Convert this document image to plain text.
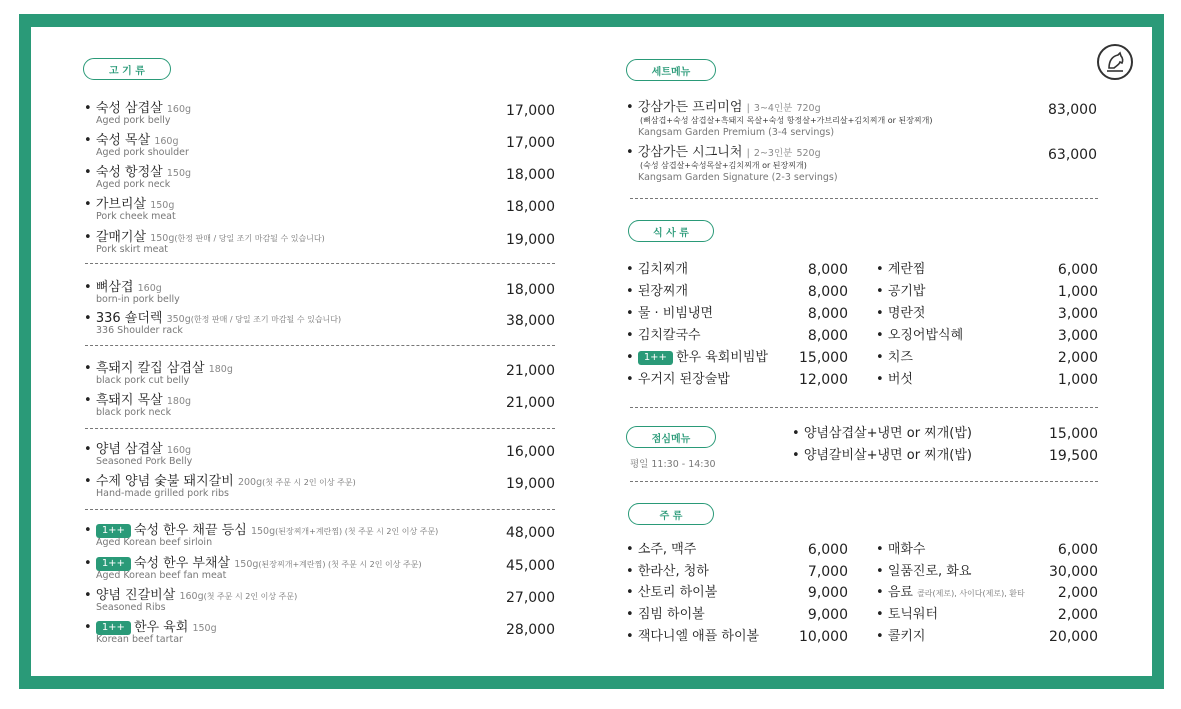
고 기 류
• 숙성 삼겹살 160g
Aged pork belly
17,000
• 숙성 목살 160g
Aged pork shoulder
17,000
• 숙성 항정살 150g
Aged pork neck
18,000
• 가브리살 150g
Pork cheek meat
18,000
• 갈매기살 150g(한정 판매 / 당일 조기 마감될 수 있습니다)
Pork skirt meat
19,000
• 뼈삼겹 160g
born-in pork belly
18,000
• 336 숄더렉 350g(한정 판매 / 당일 조기 마감될 수 있습니다)
336 Shoulder rack
38,000
• 흑돼지 칼집 삼겹살 180g
black pork cut belly
21,000
• 흑돼지 목살 180g
black pork neck
21,000
• 양념 삼겹살 160g
Seasoned Pork Belly
16,000
• 수제 양념 숯불 돼지갈비 200g(첫 주문 시 2인 이상 주문)
Hand-made grilled pork ribs
19,000
• 1++ 숙성 한우 채끝 등심 150g(된장찌개+계란찜) (첫 주문 시 2인 이상 주문)
Aged Korean beef sirloin
48,000
• 1++ 숙성 한우 부채살 150g(된장찌개+계란찜) (첫 주문 시 2인 이상 주문)
Aged Korean beef fan meat
45,000
• 양념 진갈비살 160g(첫 주문 시 2인 이상 주문)
Seasoned Ribs
27,000
• 1++ 한우 육회 150g
Korean beef tartar
28,000
세트메뉴
• 강삼가든 프리미엄 | 3~4인분 720g
(뼈삼겹+숙성 삼겹살+흑돼지 목살+숙성 항정살+가브리살+김치찌개 or 된장찌개)
Kangsam Garden Premium (3-4 servings)
83,000
• 강삼가든 시그니처 | 2~3인분 520g
(숙성 삼겹살+숙성목살+김치찌개 or 된장찌개)
Kangsam Garden Signature (2-3 servings)
63,000
식 사 류
• 김치찌개	8,000
• 된장찌개	8,000
• 물 · 비빔냉면	8,000
• 김치칼국수	8,000
• 1++ 한우 육회비빔밥	15,000
• 우거지 된장술밥	12,000
• 계란찜	6,000
• 공기밥	1,000
• 명란젓	3,000
• 오징어밥식혜	3,000
• 치즈	2,000
• 버섯	1,000
점심메뉴
평일 11:30 - 14:30
• 양념삼겹살+냉면 or 찌개(밥)	15,000
• 양념갈비살+냉면 or 찌개(밥)	19,500
주 류
• 소주, 맥주	6,000
• 한라산, 청하	7,000
• 산토리 하이볼	9,000
• 짐빔 하이볼	9,000
• 잭다니엘 애플 하이볼	10,000
• 매화수	6,000
• 일품진로, 화요	30,000
• 음료 콜라(제로), 사이다(제로), 환타	2,000
• 토닉워터	2,000
• 콜키지	20,000
